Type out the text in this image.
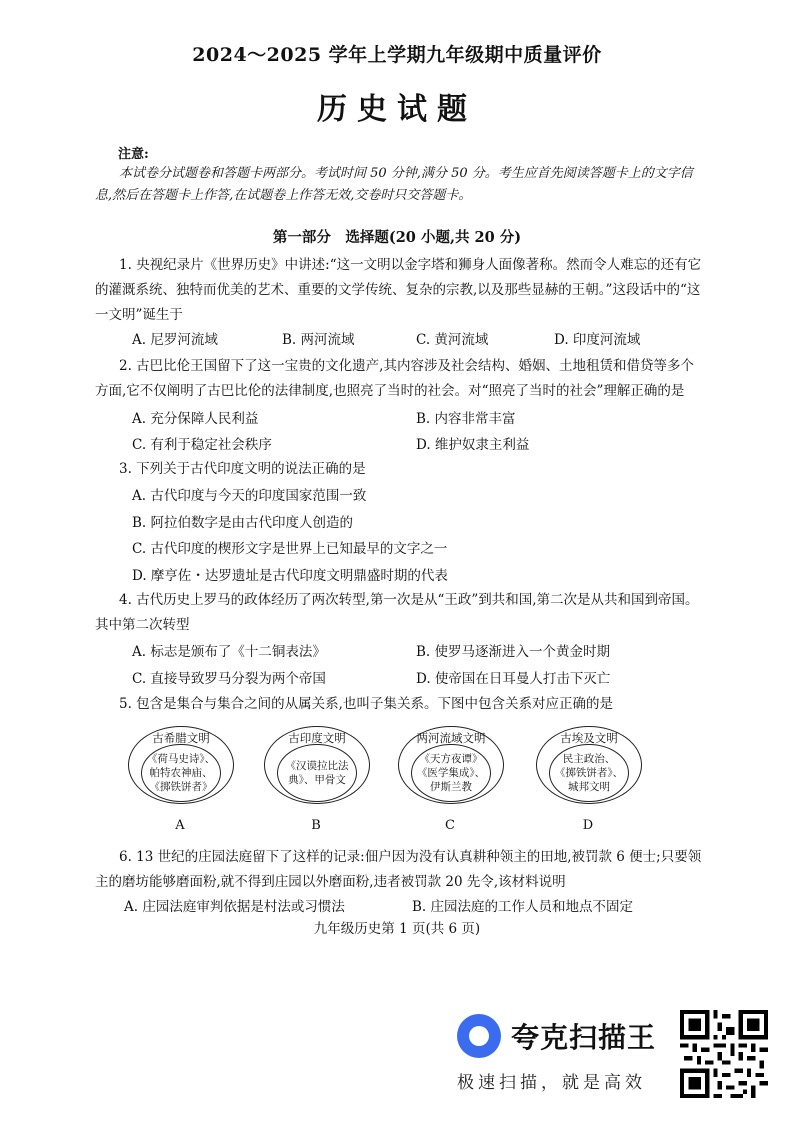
2024～2025 学年上学期九年级期中质量评价
历史试题
注意:
本试卷分试题卷和答题卡两部分。考试时间 50 分钟,满分 50 分。考生应首先阅读答题卡上的文字信息,然后在答题卡上作答,在试题卷上作答无效,交卷时只交答题卡。
第一部分　选择题(20 小题,共 20 分)
1. 央视纪录片《世界历史》中讲述:“这一文明以金字塔和狮身人面像著称。然而令人难忘的还有它的灌溉系统、独特而优美的艺术、重要的文学传统、复杂的宗教,以及那些显赫的王朝。”这段话中的“这一文明”诞生于
A. 尼罗河流域	B. 两河流域	C. 黄河流域	D. 印度河流域
2. 古巴比伦王国留下了这一宝贵的文化遗产,其内容涉及社会结构、婚姻、土地租赁和借贷等多个方面,它不仅阐明了古巴比伦的法律制度,也照亮了当时的社会。对“照亮了当时的社会”理解正确的是
A. 充分保障人民利益	B. 内容非常丰富
C. 有利于稳定社会秩序	D. 维护奴隶主利益
3. 下列关于古代印度文明的说法正确的是
A. 古代印度与今天的印度国家范围一致
B. 阿拉伯数字是由古代印度人创造的
C. 古代印度的楔形文字是世界上已知最早的文字之一
D. 摩亨佐・达罗遗址是古代印度文明鼎盛时期的代表
4. 古代历史上罗马的政体经历了两次转型,第一次是从“王政”到共和国,第二次是从共和国到帝国。其中第二次转型
A. 标志是颁布了《十二铜表法》	B. 使罗马逐渐进入一个黄金时期
C. 直接导致罗马分裂为两个帝国	D. 使帝国在日耳曼人打击下灭亡
5. 包含是集合与集合之间的从属关系,也叫子集关系。下图中包含关系对应正确的是
古希腊文明
《荷马史诗》、
帕特农神庙、
《掷铁饼者》
A
古印度文明
《汉谟拉比法
典》、甲骨文
B
两河流域文明
《天方夜谭》
《医学集成》、
伊斯兰教
C
古埃及文明
民主政治、
《掷铁饼者》、
城邦文明
D
6. 13 世纪的庄园法庭留下了这样的记录:佃户因为没有认真耕种领主的田地,被罚款 6 便士;只要领主的磨坊能够磨面粉,就不得到庄园以外磨面粉,违者被罚款 20 先令,该材料说明
A. 庄园法庭审判依据是村法或习惯法	B. 庄园法庭的工作人员和地点不固定
九年级历史第 1 页(共 6 页)
夸克扫描王
极速扫描，就是高效
